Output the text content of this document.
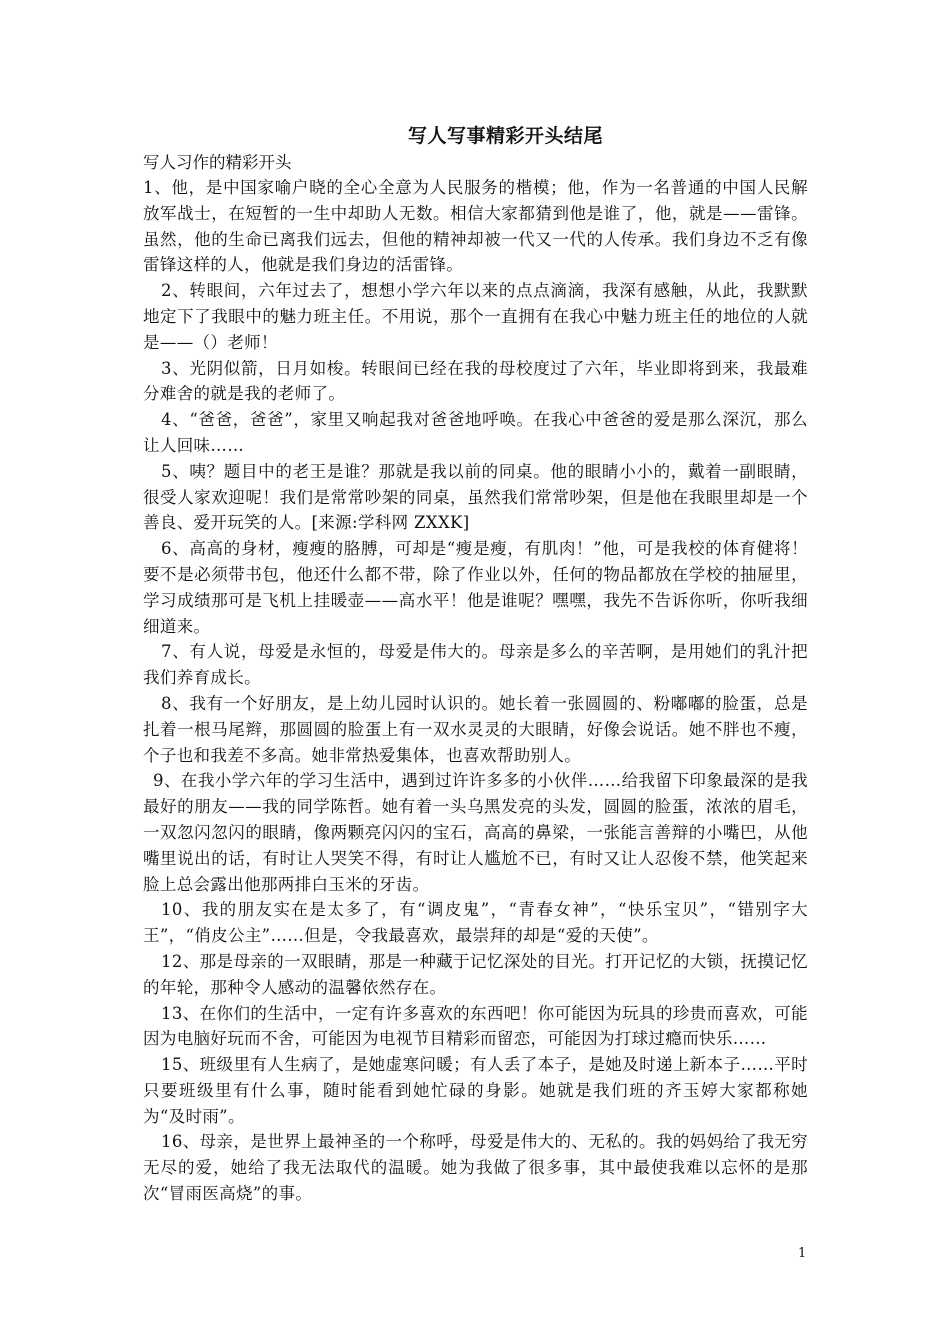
写人写事精彩开头结尾

写人习作的精彩开头

1、他，是中国家喻户晓的全心全意为人民服务的楷模；他，作为一名普通的中国人民解放军战士，在短暂的一生中却助人无数。相信大家都猜到他是谁了，他，就是——雷锋。虽然，他的生命已离我们远去，但他的精神却被一代又一代的人传承。我们身边不乏有像雷锋这样的人，他就是我们身边的活雷锋。

2、转眼间，六年过去了，想想小学六年以来的点点滴滴，我深有感触，从此，我默默地定下了我眼中的魅力班主任。不用说，那个一直拥有在我心中魅力班主任的地位的人就是——（）老师！

3、光阴似箭，日月如梭。转眼间已经在我的母校度过了六年，毕业即将到来，我最难分难舍的就是我的老师了。

4、“爸爸，爸爸”，家里又响起我对爸爸地呼唤。在我心中爸爸的爱是那么深沉，那么让人回味……

5、咦？题目中的老王是谁？那就是我以前的同桌。他的眼睛小小的，戴着一副眼睛，很受人家欢迎呢！我们是常常吵架的同桌，虽然我们常常吵架，但是他在我眼里却是一个善良、爱开玩笑的人。[来源:学科网 ZXXK]

6、高高的身材，瘦瘦的胳膊，可却是“瘦是瘦，有肌肉！”他，可是我校的体育健将！要不是必须带书包，他还什么都不带，除了作业以外，任何的物品都放在学校的抽屉里，学习成绩那可是飞机上挂暖壶——高水平！他是谁呢？嘿嘿，我先不告诉你听，你听我细细道来。

7、有人说，母爱是永恒的，母爱是伟大的。母亲是多么的辛苦啊，是用她们的乳汁把我们养育成长。

8、我有一个好朋友，是上幼儿园时认识的。她长着一张圆圆的、粉嘟嘟的脸蛋，总是扎着一根马尾辫，那圆圆的脸蛋上有一双水灵灵的大眼睛，好像会说话。她不胖也不瘦，个子也和我差不多高。她非常热爱集体，也喜欢帮助别人。

9、在我小学六年的学习生活中，遇到过许许多多的小伙伴……给我留下印象最深的是我最好的朋友——我的同学陈哲。她有着一头乌黑发亮的头发，圆圆的脸蛋，浓浓的眉毛，一双忽闪忽闪的眼睛，像两颗亮闪闪的宝石，高高的鼻梁，一张能言善辩的小嘴巴，从他嘴里说出的话，有时让人哭笑不得，有时让人尴尬不已，有时又让人忍俊不禁，他笑起来脸上总会露出他那两排白玉米的牙齿。

10、我的朋友实在是太多了，有“调皮鬼”，“青春女神”，“快乐宝贝”，“错别字大王”，“俏皮公主”……但是，令我最喜欢，最崇拜的却是“爱的天使”。

12、那是母亲的一双眼睛，那是一种藏于记忆深处的目光。打开记忆的大锁，抚摸记忆的年轮，那种令人感动的温馨依然存在。

13、在你们的生活中，一定有许多喜欢的东西吧！你可能因为玩具的珍贵而喜欢，可能因为电脑好玩而不舍，可能因为电视节目精彩而留恋，可能因为打球过瘾而快乐……

15、班级里有人生病了，是她虚寒问暖；有人丢了本子，是她及时递上新本子……平时只要班级里有什么事，随时能看到她忙碌的身影。她就是我们班的齐玉婷大家都称她为“及时雨”。

16、母亲，是世界上最神圣的一个称呼，母爱是伟大的、无私的。我的妈妈给了我无穷无尽的爱，她给了我无法取代的温暖。她为我做了很多事，其中最使我难以忘怀的是那次“冒雨医高烧”的事。

1
